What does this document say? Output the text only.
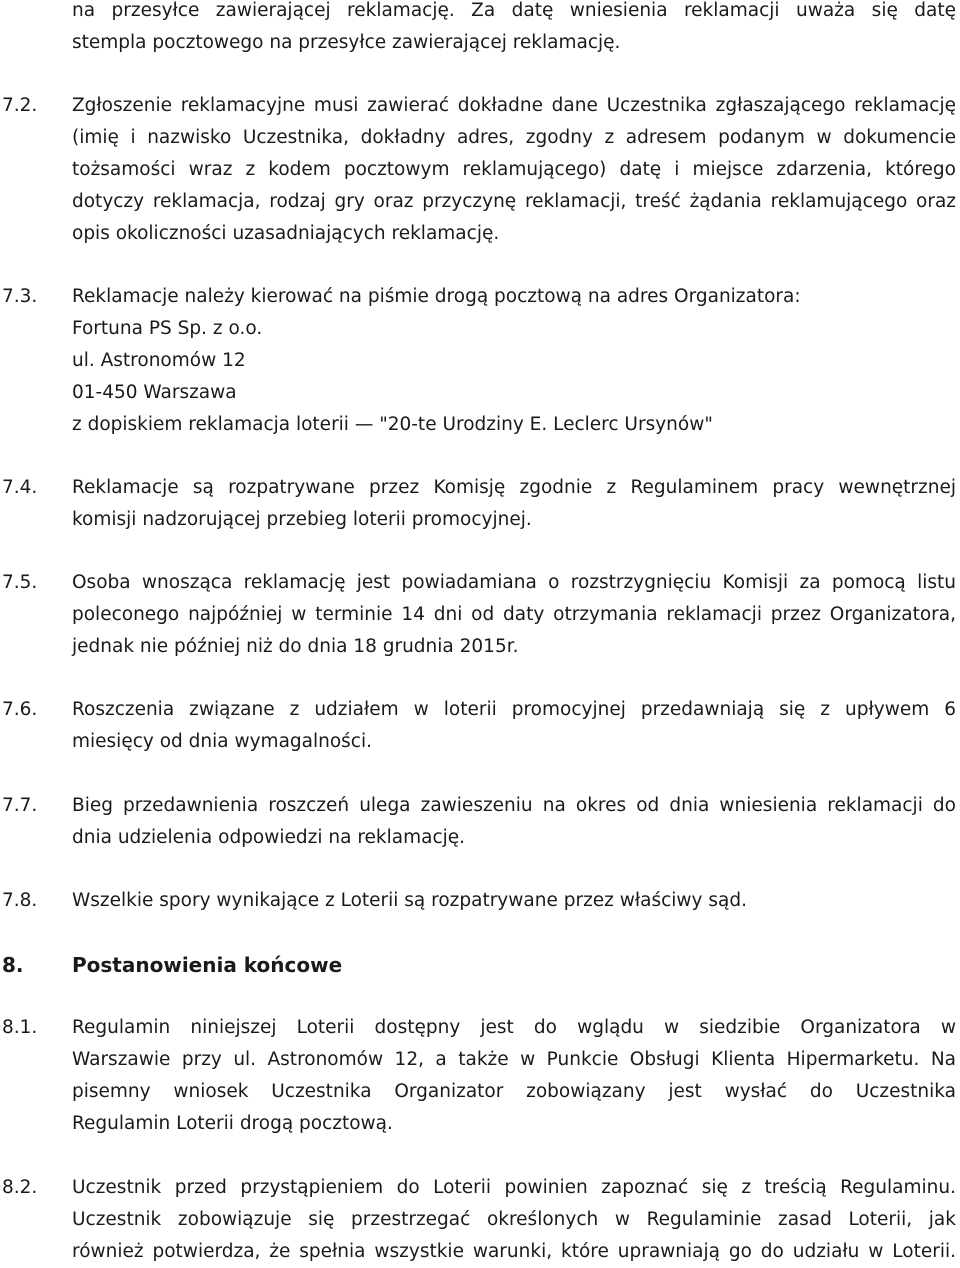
na przesyłce zawierającej reklamację. Za datę wniesienia reklamacji uważa się datę
stempla pocztowego na przesyłce zawierającej reklamację.
7.2.	Zgłoszenie reklamacyjne musi zawierać dokładne dane Uczestnika zgłaszającego reklamację
(imię i nazwisko Uczestnika, dokładny adres, zgodny z adresem podanym w dokumencie
tożsamości wraz z kodem pocztowym reklamującego) datę i miejsce zdarzenia, którego
dotyczy reklamacja, rodzaj gry oraz przyczynę reklamacji, treść żądania reklamującego oraz
opis okoliczności uzasadniających reklamację.
7.3.	Reklamacje należy kierować na piśmie drogą pocztową na adres Organizatora:
Fortuna PS Sp. z o.o.
ul. Astronomów 12
01-450 Warszawa
z dopiskiem reklamacja loterii — "20-te Urodziny E. Leclerc Ursynów"
7.4.	Reklamacje są rozpatrywane przez Komisję zgodnie z Regulaminem pracy wewnętrznej
komisji nadzorującej przebieg loterii promocyjnej.
7.5.	Osoba wnosząca reklamację jest powiadamiana o rozstrzygnięciu Komisji za pomocą listu
poleconego najpóźniej w terminie 14 dni od daty otrzymania reklamacji przez Organizatora,
jednak nie później niż do dnia 18 grudnia 2015r.
7.6.	Roszczenia związane z udziałem w loterii promocyjnej przedawniają się z upływem 6
miesięcy od dnia wymagalności.
7.7.	Bieg przedawnienia roszczeń ulega zawieszeniu na okres od dnia wniesienia reklamacji do
dnia udzielenia odpowiedzi na reklamację.
7.8.	Wszelkie spory wynikające z Loterii są rozpatrywane przez właściwy sąd.
8.	Postanowienia końcowe
8.1.	Regulamin niniejszej Loterii dostępny jest do wglądu w siedzibie Organizatora w
Warszawie przy ul. Astronomów 12, a także w Punkcie Obsługi Klienta Hipermarketu. Na
pisemny wniosek Uczestnika Organizator zobowiązany jest wysłać do Uczestnika
Regulamin Loterii drogą pocztową.
8.2.	Uczestnik przed przystąpieniem do Loterii powinien zapoznać się z treścią Regulaminu.
Uczestnik zobowiązuje się przestrzegać określonych w Regulaminie zasad Loterii, jak
również potwierdza, że spełnia wszystkie warunki, które uprawniają go do udziału w Loterii.
